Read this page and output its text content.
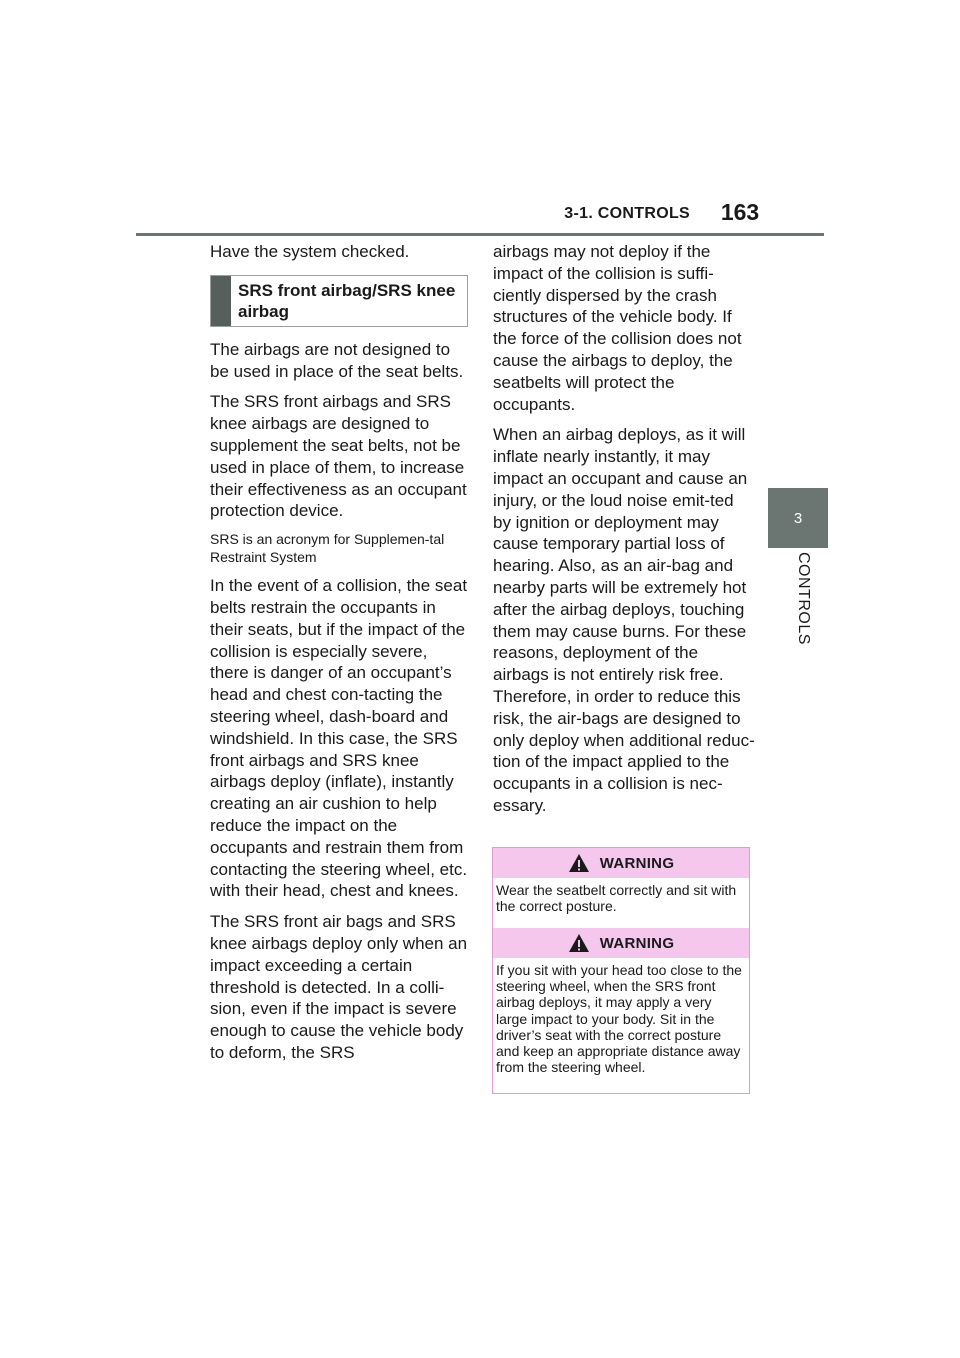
3-1. CONTROLS 163
3
CONTROLS

Have the system checked.

SRS front airbag/SRS knee airbag

The airbags are not designed to be used in place of the seat belts.

The SRS front airbags and SRS knee airbags are designed to supplement the seat belts, not be used in place of them, to increase their effectiveness as an occupant protection device.

SRS is an acronym for Supplemen-tal Restraint System

In the event of a collision, the seat belts restrain the occupants in their seats, but if the impact of the collision is especially severe, there is danger of an occupant’s head and chest con-tacting the steering wheel, dash-board and windshield. In this case, the SRS front airbags and SRS knee airbags deploy (inflate), instantly creating an air cushion to help reduce the impact on the occupants and restrain them from contacting the steering wheel, etc. with their head, chest and knees.

The SRS front air bags and SRS knee airbags deploy only when an impact exceeding a certain threshold is detected. In a colli-sion, even if the impact is severe enough to cause the vehicle body to deform, the SRS

airbags may not deploy if the impact of the collision is suffi-ciently dispersed by the crash structures of the vehicle body. If the force of the collision does not cause the airbags to deploy, the seatbelts will protect the occupants.

When an airbag deploys, as it will inflate nearly instantly, it may impact an occupant and cause an injury, or the loud noise emit-ted by ignition or deployment may cause temporary partial loss of hearing. Also, as an air-bag and nearby parts will be extremely hot after the airbag deploys, touching them may cause burns. For these reasons, deployment of the airbags is not entirely risk free. Therefore, in order to reduce this risk, the air-bags are designed to only deploy when additional reduc-tion of the impact applied to the occupants in a collision is nec-essary.

WARNING
Wear the seatbelt correctly and sit with the correct posture.
WARNING
If you sit with your head too close to the steering wheel, when the SRS front airbag deploys, it may apply a very large impact to your body. Sit in the driver’s seat with the correct posture and keep an appropriate distance away from the steering wheel.
